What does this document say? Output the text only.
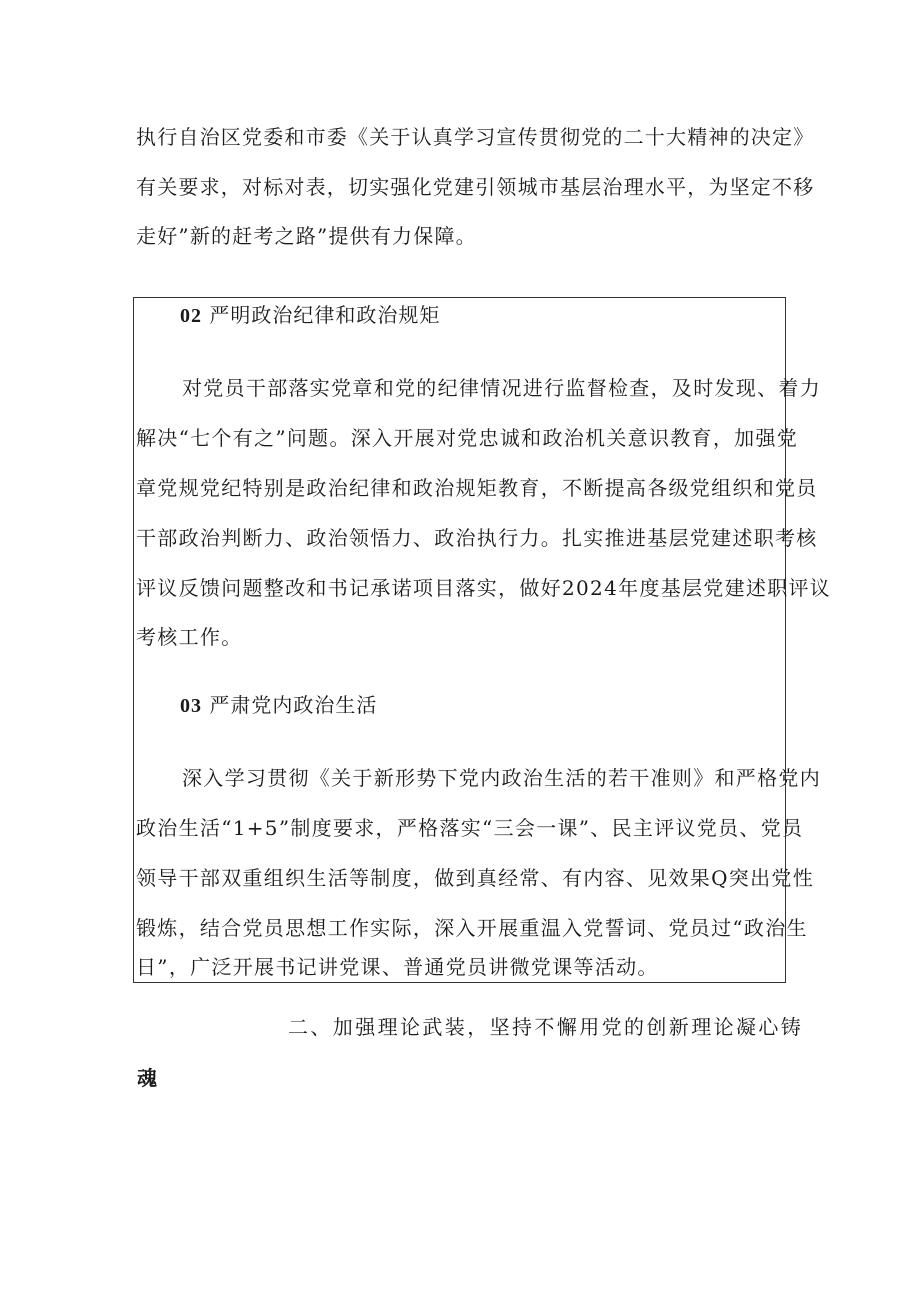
执行自治区党委和市委《关于认真学习宣传贯彻党的二十大精神的决定》

有关要求，对标对表，切实强化党建引领城市基层治理水平，为坚定不移

走好”新的赶考之路”提供有力保障。

02 严明政治纪律和政治规矩

对党员干部落实党章和党的纪律情况进行监督检查，及时发现、着力

解决“七个有之”问题。深入开展对党忠诚和政治机关意识教育，加强党

章党规党纪特别是政治纪律和政治规矩教育，不断提高各级党组织和党员

干部政治判断力、政治领悟力、政治执行力。扎实推进基层党建述职考核

评议反馈问题整改和书记承诺项目落实，做好2024年度基层党建述职评议

考核工作。

03 严肃党内政治生活

深入学习贯彻《关于新形势下党内政治生活的若干准则》和严格党内

政治生活“1+5”制度要求，严格落实“三会一课”、民主评议党员、党员

领导干部双重组织生活等制度，做到真经常、有内容、见效果Q突出党性

锻炼，结合党员思想工作实际，深入开展重温入党誓词、党员过“政治生

日”，广泛开展书记讲党课、普通党员讲微党课等活动。

二、加强理论武装，坚持不懈用党的创新理论凝心铸

魂
